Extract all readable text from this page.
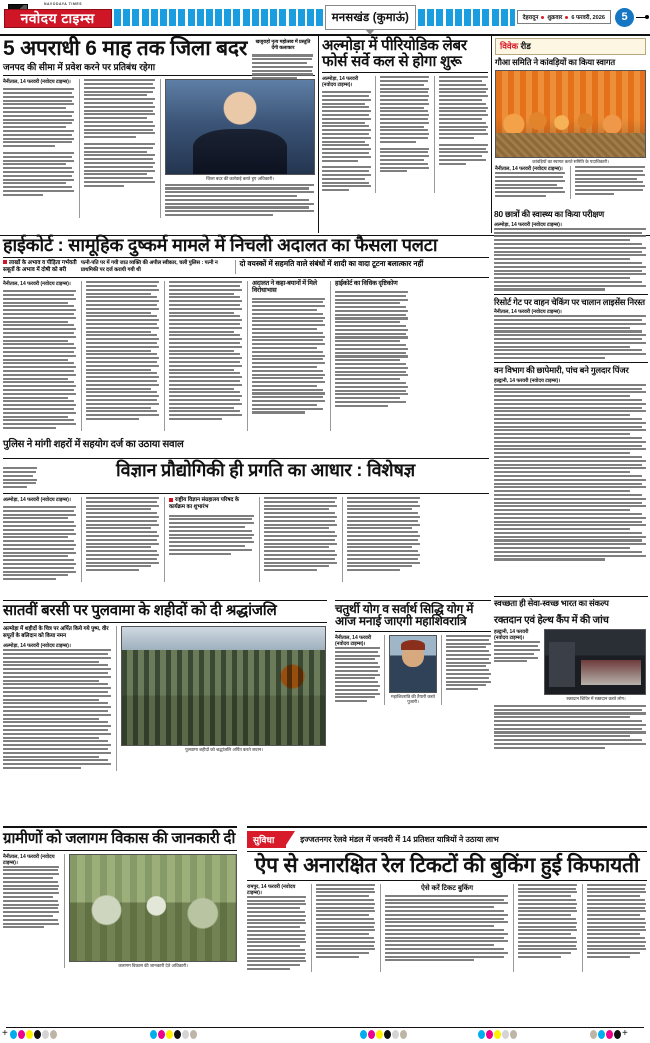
NAVODAYA TIMES
नवोदय टाइम्स	मनसखंड (कुमाऊं)	देहरादून शुक्रवार 6 फरवरी, 2026	5
5 अपराधी 6 माह तक जिला बदर
जनपद की सीमा में प्रवेश करने पर प्रतिबंध रहेगा
नैनीताल, 14 फरवरी (नवोदय टाइम्स)।
जिला बदर की कार्रवाई करते हुए अधिकारी।
अल्मोड़ा में पीरियोडिक लेबर फोर्स सर्वे कल से होगा शुरू
अल्मोड़ा, 14 फरवरी (नवोदय टाइम्स)।
विवेक रीड
गौआ समिति ने कांवड़ियों का किया स्वागत
कांवड़ियों का स्वागत करते समिति के पदाधिकारी।
नैनीताल, 14 फरवरी (नवोदय टाइम्स)।
80 छात्रों की स्वास्थ्य का किया परीक्षण
अल्मोड़ा, 14 फरवरी (नवोदय टाइम्स)।
रिसोर्ट गेट पर वाहन चेकिंग पर चालान लाइसेंस निरस्त
नैनीताल, 14 फरवरी (नवोदय टाइम्स)।
वन विभाग की छापेमारी, पांच बने गुलदार पिंजर
हल्द्वानी, 14 फरवरी (नवोदय टाइम्स)।
हाईकोर्ट : सामूहिक दुष्कर्म मामले में निचली अदालत का फैसला पलटा
लाखों के अभाव व पीड़िता गर्भवती सबूतों के अभाव में दोषी को बरी
पत्नी-पति पर में गयी जाउ व्यक्ति की अपील स्वीकार, चली पुलिस : पत्नी न प्राथमिकी पर दर्ज करायी गयी थी
दो वयस्कों में सहमति वाले संबंधों में शादी का वादा टूटना बलात्कार नहीं
नैनीताल, 14 फरवरी (नवोदय टाइम्स)।	अदालत ने कहा-बयानों में मिले विरोधाभास
हाईकोर्ट का विधिक दृष्टिकोण
पुलिस ने मांगी शहरों में सहयोग दर्ज का उठाया सवाल
विज्ञान प्रौद्योगिकी ही प्रगति का आधार : विशेषज्ञ
अल्मोड़ा, 14 फरवरी (नवोदय टाइम्स)।	राष्ट्रीय विज्ञान संग्रहालय परिषद के कार्यक्रम का शुभारंभ
स्वच्छता ही सेवा-स्वच्छ भारत का संकल्प
सातवीं बरसी पर पुलवामा के शहीदों को दी श्रद्धांजलि
अल्मोड़ा में शहीदों के चित्र पर अर्पित किये गये पुष्प, वीर सपूतों के बलिदान को किया नमन
अल्मोड़ा, 14 फरवरी (नवोदय टाइम्स)।
पुलवामा शहीदों को श्रद्धांजलि अर्पित करते जवान।
चतुर्थी योग व सर्वार्थ सिद्धि योग में आज मनाई जाएगी महाशिवरात्रि
नैनीताल, 14 फरवरी (नवोदय टाइम्स)।
महाशिवरात्रि की तैयारी करते पुजारी।
रक्तदान एवं हेल्थ कैंप में की जांच
हल्द्वानी, 14 फरवरी (नवोदय टाइम्स)।
रक्तदान शिविर में रक्तदान करते लोग।
ग्रामीणों को जलागम विकास की जानकारी दी
नैनीताल, 14 फरवरी (नवोदय टाइम्स)।
जलागम विकास की जानकारी देते अधिकारी।
सुविधा	इज्जतनगर रेलवे मंडल में जनवरी में 14 प्रतिशत यात्रियों ने उठाया लाभ
ऐप से अनारक्षित रेल टिकटों की बुकिंग हुई किफायती
रामपुर, 14 फरवरी (नवोदय टाइम्स)।
ऐसे करें टिकट बुकिंग
खजुराहो नृत्य महोत्सव में प्रस्तुति देंगी कलाकार
+	+
